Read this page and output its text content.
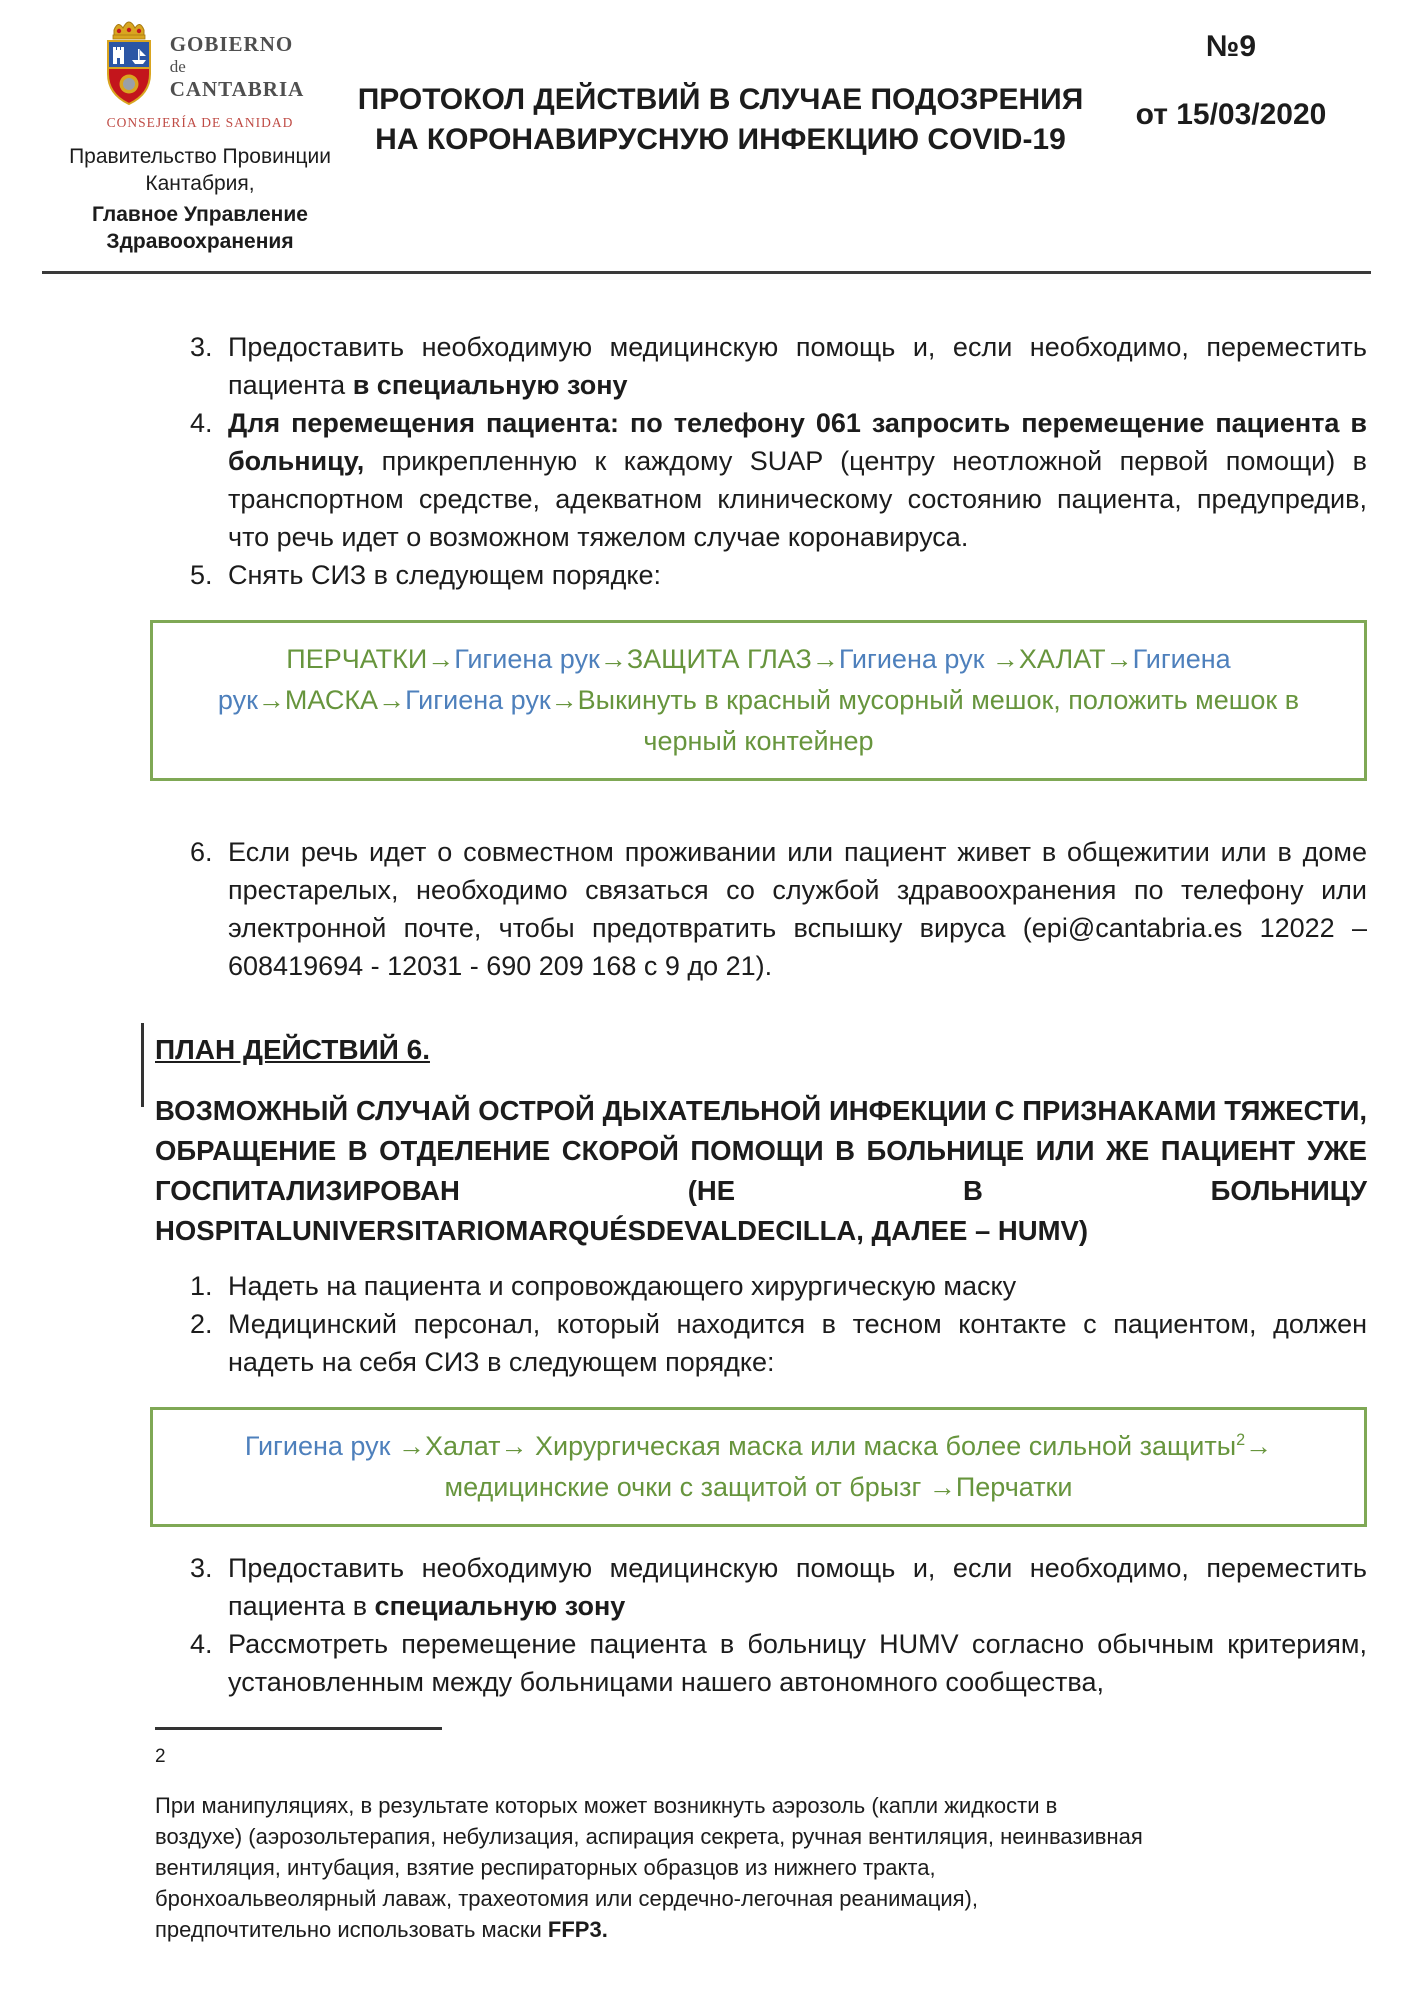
GOBIERNO
de
CANTABRIA
CONSEJERÍA DE SANIDAD
Правительство Провинции Кантабрия,
Главное Управление Здравоохранения
ПРОТОКОЛ ДЕЙСТВИЙ В СЛУЧАЕ ПОДОЗРЕНИЯ НА КОРОНАВИРУСНУЮ ИНФЕКЦИЮ COVID-19
№9
от 15/03/2020
3. Предоставить необходимую медицинскую помощь и, если необходимо, переместить пациента в специальную зону
4. Для перемещения пациента: по телефону 061 запросить перемещение пациента в больницу, прикрепленную к каждому SUAP (центру неотложной первой помощи) в транспортном средстве, адекватном клиническому состоянию пациента, предупредив, что речь идет о возможном тяжелом случае коронавируса.
5. Снять СИЗ в следующем порядке:
ПЕРЧАТКИ→Гигиена рук→ЗАЩИТА ГЛАЗ→Гигиена рук →ХАЛАТ→Гигиена рук→МАСКА→Гигиена рук→Выкинуть в красный мусорный мешок, положить мешок в черный контейнер
6. Если речь идет о совместном проживании или пациент живет в общежитии или в доме престарелых, необходимо связаться со службой здравоохранения по телефону или электронной почте, чтобы предотвратить вспышку вируса (epi@cantabria.es 12022 – 608419694 - 12031 - 690 209 168 с 9 до 21).
ПЛАН ДЕЙСТВИЙ 6.
ВОЗМОЖНЫЙ СЛУЧАЙ ОСТРОЙ ДЫХАТЕЛЬНОЙ ИНФЕКЦИИ С ПРИЗНАКАМИ ТЯЖЕСТИ, ОБРАЩЕНИЕ В ОТДЕЛЕНИЕ СКОРОЙ ПОМОЩИ В БОЛЬНИЦЕ ИЛИ ЖЕ ПАЦИЕНТ УЖЕ ГОСПИТАЛИЗИРОВАН (НЕ В БОЛЬНИЦУ HOSPITALUNIVERSITARIOMARQUÉSDEVALDECILLA, ДАЛЕЕ – HUMV)
1. Надеть на пациента и сопровождающего хирургическую маску
2. Медицинский персонал, который находится в тесном контакте с пациентом, должен надеть на себя СИЗ в следующем порядке:
Гигиена рук →Халат→ Хирургическая маска или маска более сильной защиты$^2$→ медицинские очки с защитой от брызг →Перчатки
3. Предоставить необходимую медицинскую помощь и, если необходимо, переместить пациента в специальную зону
4. Рассмотреть перемещение пациента в больницу HUMV согласно обычным критериям, установленным между больницами нашего автономного сообщества,
2
При манипуляциях, в результате которых может возникнуть аэрозоль (капли жидкости в воздухе) (аэрозольтерапия, небулизация, аспирация секрета, ручная вентиляция, неинвазивная вентиляция, интубация, взятие респираторных образцов из нижнего тракта, бронхоальвеолярный лаваж, трахеотомия или сердечно-легочная реанимация), предпочтительно использовать маски FFP3.
